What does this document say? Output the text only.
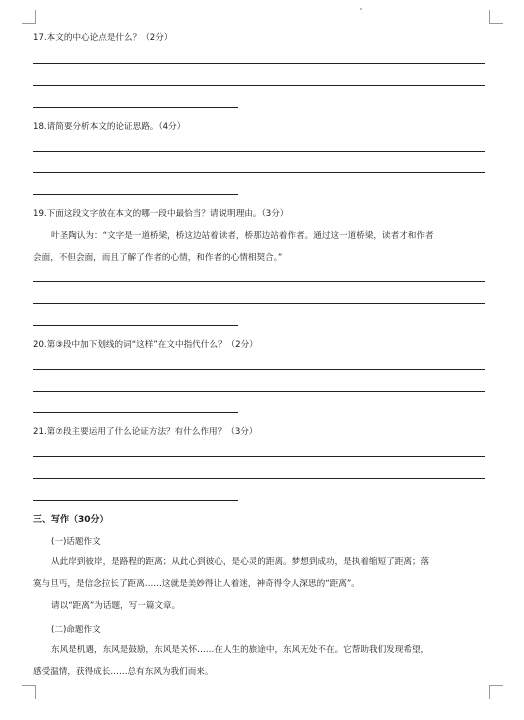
17.本文的中心论点是什么？（2分）
18.请简要分析本文的论证思路。（4分）
19.下面这段文字放在本文的哪一段中最恰当？请说明理由。（3分）
叶圣陶认为：“文字是一道桥梁，桥这边站着读者，桥那边站着作者。通过这一道桥梁，读者才和作者
会面，不但会面，而且了解了作者的心情，和作者的心情相契合。”
20.第③段中加下划线的词“这样”在文中指代什么？（2分）
21.第⑦段主要运用了什么论证方法？有什么作用？（3分）
三、写作（30分）
(一)话题作文
从此岸到彼岸，是路程的距离；从此心到彼心，是心灵的距离。梦想到成功，是执着缩短了距离；落
寞与旦丐，是信念拉长了距离……这就是美妙得让人着迷，神奇得令人深思的“距离”。
请以“距离”为话题，写一篇文章。
(二)命题作文
东风是机遇，东风是鼓励，东风是关怀……在人生的旅途中，东风无处不在。它帮助我们发现希望，
感受温情，获得成长……总有东风为我们而来。
